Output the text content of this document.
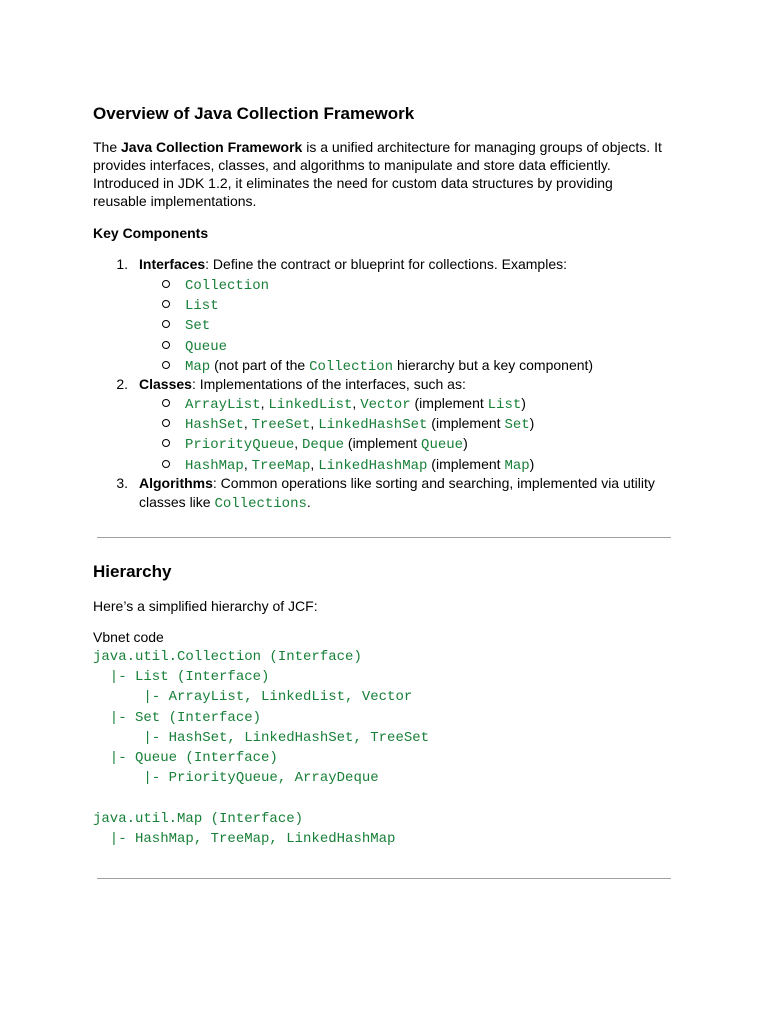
Overview of Java Collection Framework
The Java Collection Framework is a unified architecture for managing groups of objects. It
provides interfaces, classes, and algorithms to manipulate and store data efficiently.
Introduced in JDK 1.2, it eliminates the need for custom data structures by providing
reusable implementations.
Key Components
1. Interfaces: Define the contract or blueprint for collections. Examples:
Collection
List
Set
Queue
Map (not part of the Collection hierarchy but a key component)
2. Classes: Implementations of the interfaces, such as:
ArrayList, LinkedList, Vector (implement List)
HashSet, TreeSet, LinkedHashSet (implement Set)
PriorityQueue, Deque (implement Queue)
HashMap, TreeMap, LinkedHashMap (implement Map)
3. Algorithms: Common operations like sorting and searching, implemented via utility
classes like Collections.
Hierarchy
Here’s a simplified hierarchy of JCF:
Vbnet code
java.util.Collection (Interface)
|- List (Interface)
|- ArrayList, LinkedList, Vector
|- Set (Interface)
|- HashSet, LinkedHashSet, TreeSet
|- Queue (Interface)
|- PriorityQueue, ArrayDeque
java.util.Map (Interface)
|- HashMap, TreeMap, LinkedHashMap
